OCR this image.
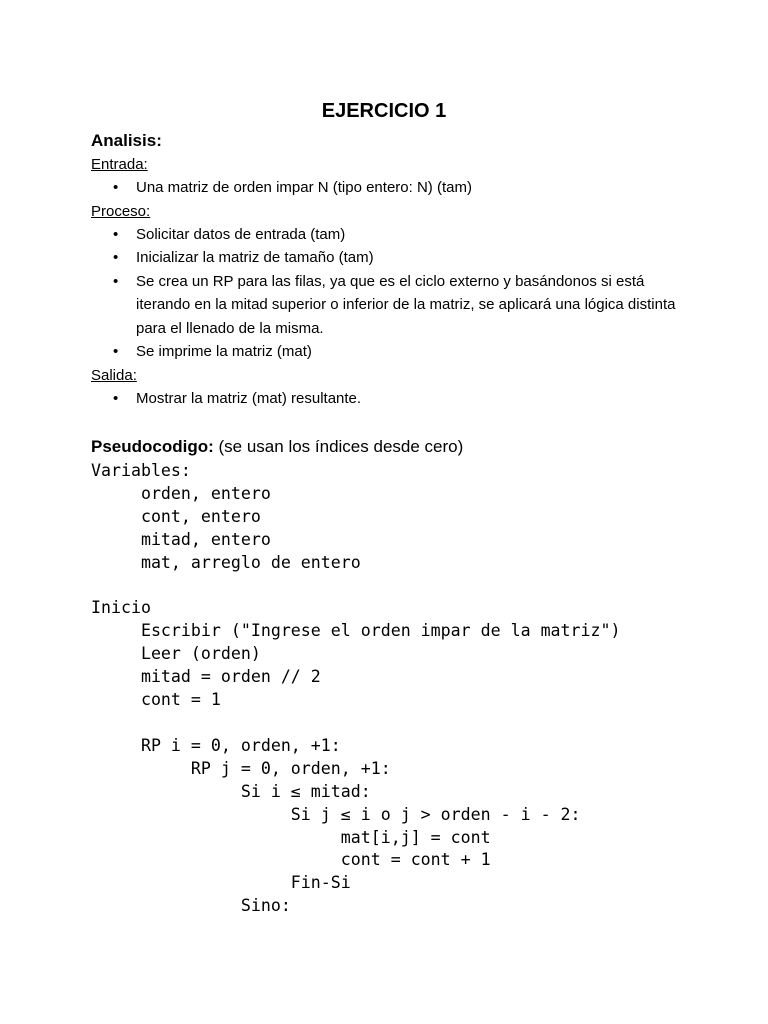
EJERCICIO 1

Analisis:

Entrada:

• Una matriz de orden impar N (tipo entero: N) (tam)

Proceso:

• Solicitar datos de entrada (tam)
• Inicializar la matriz de tamaño (tam)
• Se crea un RP para las filas, ya que es el ciclo externo y basándonos si está iterando en la mitad superior o inferior de la matriz, se aplicará una lógica distinta para el llenado de la misma.
• Se imprime la matriz (mat)

Salida:

• Mostrar la matriz (mat) resultante.

Pseudocodigo: (se usan los índices desde cero)

Variables:
orden, entero
cont, entero
mitad, entero
mat, arreglo de entero

Inicio
Escribir ("Ingrese el orden impar de la matriz")
Leer (orden)
mitad = orden // 2
cont = 1

RP i = 0, orden, +1:
RP j = 0, orden, +1:
Si i ≤ mitad:
Si j ≤ i o j > orden - i - 2:
mat[i,j] = cont
cont = cont + 1
Fin-Si
Sino:
